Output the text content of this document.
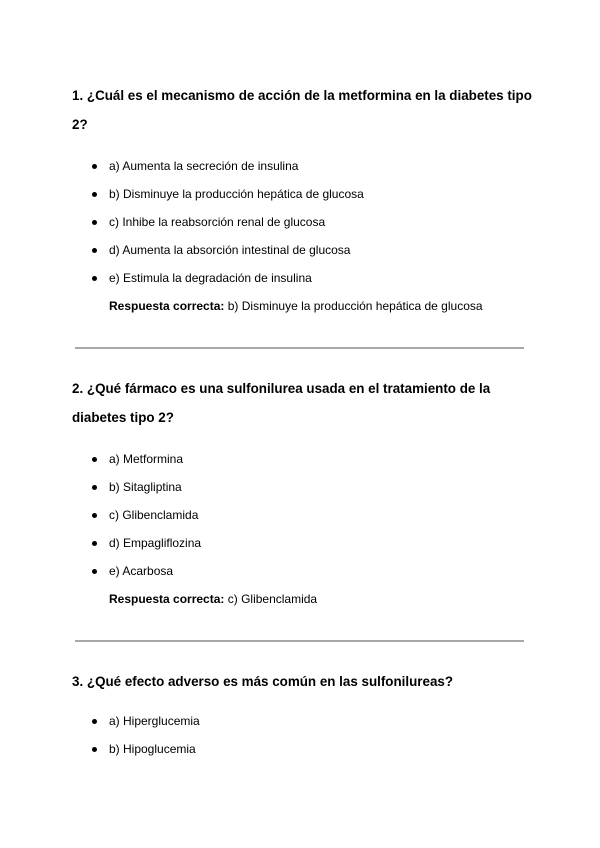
1. ¿Cuál es el mecanismo de acción de la metformina en la diabetes tipo 2?

a) Aumenta la secreción de insulina
b) Disminuye la producción hepática de glucosa
c) Inhibe la reabsorción renal de glucosa
d) Aumenta la absorción intestinal de glucosa
e) Estimula la degradación de insulina
Respuesta correcta: b) Disminuye la producción hepática de glucosa

2. ¿Qué fármaco es una sulfonilurea usada en el tratamiento de la diabetes tipo 2?

a) Metformina
b) Sitagliptina
c) Glibenclamida
d) Empagliflozina
e) Acarbosa
Respuesta correcta: c) Glibenclamida

3. ¿Qué efecto adverso es más común en las sulfonilureas?

a) Hiperglucemia
b) Hipoglucemia
